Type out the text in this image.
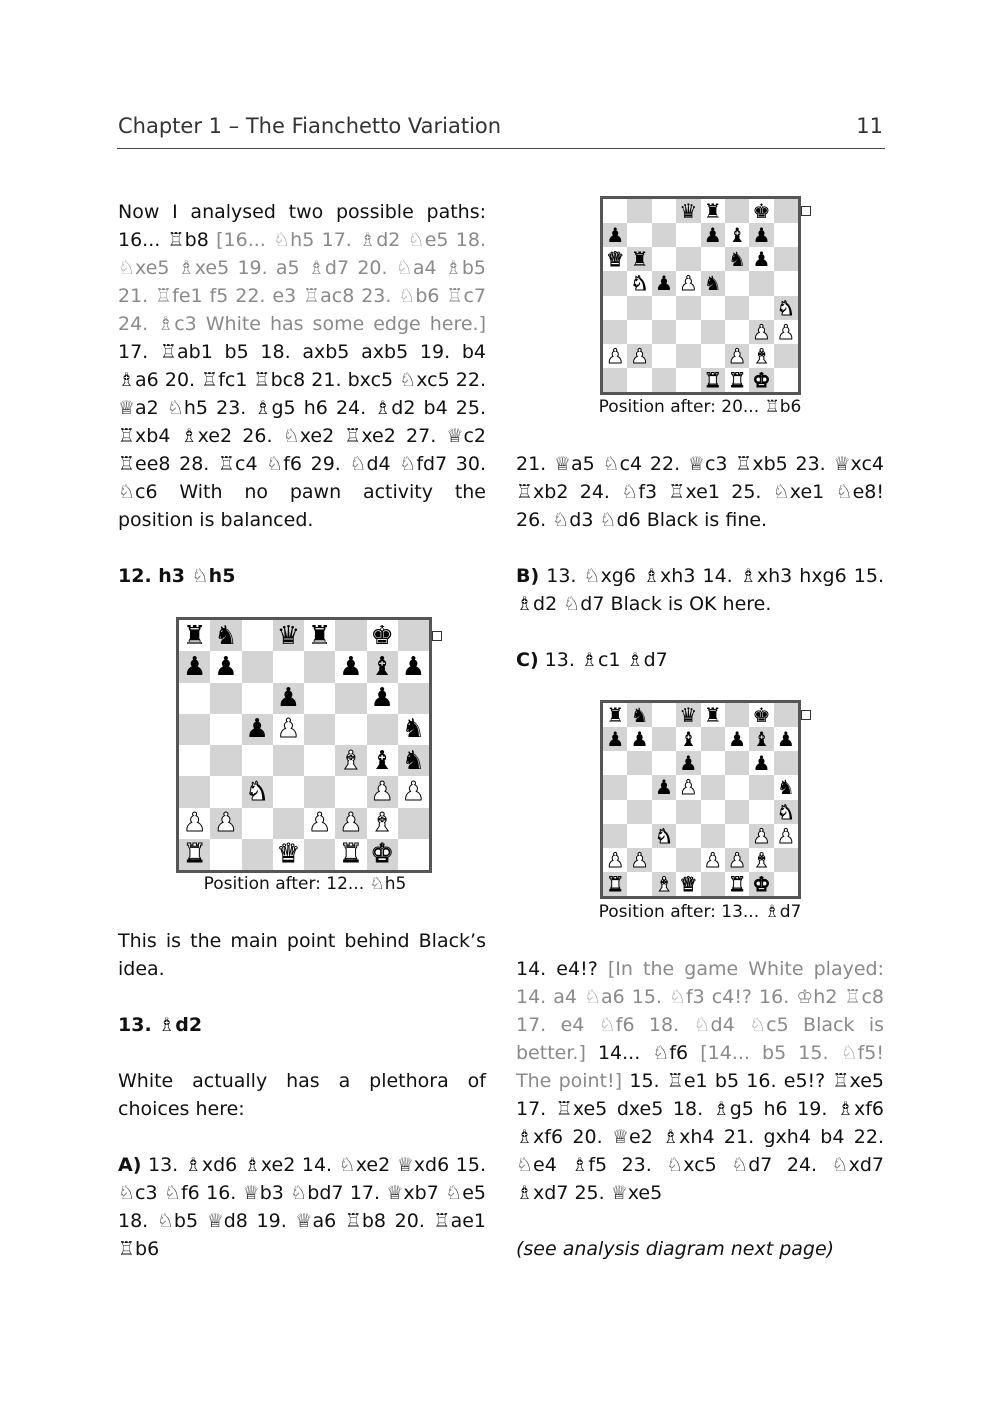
Chapter 1 – The Fianchetto Variation	11

Now I analysed two possible paths: 16... ♖b8 [16... ♘h5 17. ♗d2 ♘e5 18. ♘xe5 ♗xe5 19. a5 ♗d7 20. ♘a4 ♗b5 21. ♖fe1 f5 22. e3 ♖ac8 23. ♘b6 ♖c7 24. ♗c3 White has some edge here.] 17. ♖ab1 b5 18. axb5 axb5 19. b4 ♗a6 20. ♖fc1 ♖bc8 21. bxc5 ♘xc5 22. ♕a2 ♘h5 23. ♗g5 h6 24. ♗d2 b4 25. ♖xb4 ♗xe2 26. ♘xe2 ♖xe2 27. ♕c2 ♖ee8 28. ♖c4 ♘f6 29. ♘d4 ♘fd7 30. ♘c6 With no pawn activity the position is balanced.

12. h3 ♘h5

♜ ♞ ♛ ♜ ♚
♟ ♟	♟ ♝ ♟
♟	♟
♟ ♟	♞
♝ ♝ ♞
♞	♟ ♟
♟ ♟	♟ ♟ ♝
♜	♛ ♜ ♚
Position after: 12... ♘h5

This is the main point behind Black’s idea.

13. ♗d2

White actually has a plethora of choices here:

A) 13. ♗xd6 ♗xe2 14. ♘xe2 ♕xd6 15. ♘c3 ♘f6 16. ♕b3 ♘bd7 17. ♕xb7 ♘e5 18. ♘b5 ♕d8 19. ♕a6 ♖b8 20. ♖ae1 ♖b6

♛ ♜ ♚
♟	♟ ♝ ♟
♛ ♜	♞ ♟
♞ ♟ ♟ ♞
♞
♟ ♟
♟ ♟	♟ ♝
♜ ♜ ♚
Position after: 20... ♖b6

21. ♕a5 ♘c4 22. ♕c3 ♖xb5 23. ♕xc4 ♖xb2 24. ♘f3 ♖xe1 25. ♘xe1 ♘e8! 26. ♘d3 ♘d6 Black is fine.

B) 13. ♘xg6 ♗xh3 14. ♗xh3 hxg6 15. ♗d2 ♘d7 Black is OK here.

C) 13. ♗c1 ♗d7

♜ ♞ ♛ ♜ ♚
♟ ♟ ♝ ♟ ♝ ♟
♟	♟
♟ ♟	♞
♞
♞	♟ ♟
♟ ♟	♟ ♟ ♝
♜ ♝ ♛ ♜ ♚
Position after: 13... ♗d7

14. e4!? [In the game White played: 14. a4 ♘a6 15. ♘f3 c4!? 16. ♔h2 ♖c8 17. e4 ♘f6 18. ♘d4 ♘c5 Black is better.] 14... ♘f6 [14... b5 15. ♘f5! The point!] 15. ♖e1 b5 16. e5!? ♖xe5 17. ♖xe5 dxe5 18. ♗g5 h6 19. ♗xf6 ♗xf6 20. ♕e2 ♗xh4 21. gxh4 b4 22. ♘e4 ♗f5 23. ♘xc5 ♘d7 24. ♘xd7 ♗xd7 25. ♕xe5

(see analysis diagram next page)
